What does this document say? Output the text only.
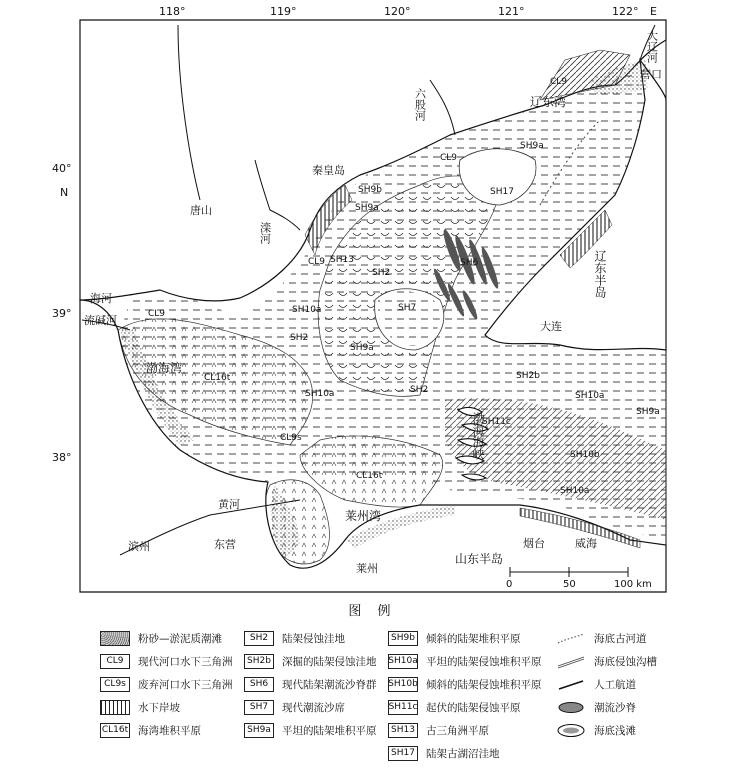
118°	119°	120°	121°	122° E
40°
N
39°
38°
唐山
秦皇岛
大连
营口
滨州	东营
莱州
烟台	威海
辽东湾
渤海湾
莱州湾
渤海海峡
滦河
六股河
大辽河
海河
流碱河
黄河
辽东半岛
山东半岛
CL9
CL9
CL9
CL9 SH13
SH9b
SH9a
SH17
SH9a
SH2
SH6
SH7
SH10a
SH2
SH9a
SH2
SH10a
CL16t
CL9s
CL16t
SH2b
SH11c
SH10a
SH9a
SH10b
SH10a
0	50	100 km
图 例
粉砂—淤泥质潮滩
CL9	现代河口水下三角洲
CL9s	废弃河口水下三角洲
水下岸坡
CL16t 海湾堆积平原
SH2	陆架侵蚀洼地
SH2b 深掘的陆架侵蚀洼地
SH6	现代陆架潮流沙脊群
SH7	现代潮流沙席
SH9a 平坦的陆架堆积平原
SH9b 倾斜的陆架堆积平原
SH10a 平坦的陆架侵蚀堆积平原
SH10b 倾斜的陆架侵蚀堆积平原
SH11c 起伏的陆架侵蚀平原
SH13 古三角洲平原
SH17 陆架古湖沼洼地
海底古河道
海底侵蚀沟槽
人工航道
潮流沙脊
海底浅滩
